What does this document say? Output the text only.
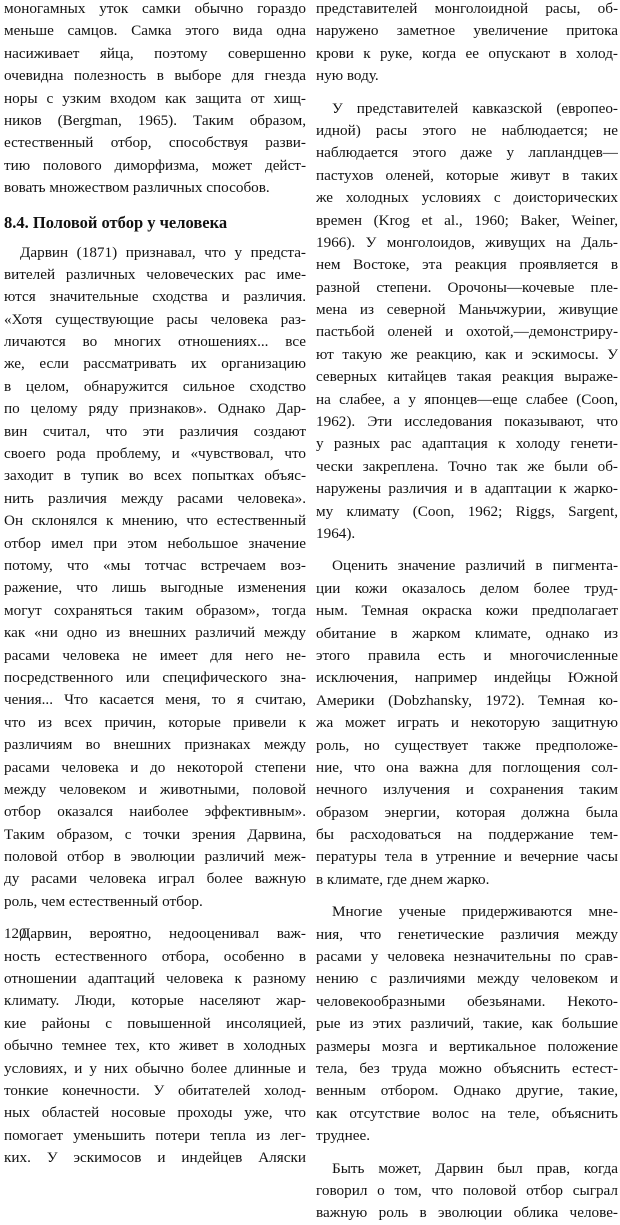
моногамных уток самки обычно гораздо
меньше самцов. Самка этого вида одна
насиживает яйца, поэтому совершенно
очевидна полезность в выборе для гнезда
норы с узким входом как защита от хищ-
ников (Bergman, 1965). Таким образом,
естественный отбор, способствуя разви-
тию полового диморфизма, может дейст-
вовать множеством различных способов.
8.4. Половой отбор у человека
Дарвин (1871) признавал, что у предста-
вителей различных человеческих рас име-
ются значительные сходства и различия.
«Хотя существующие расы человека раз-
личаются во многих отношениях... все
же, если рассматривать их организацию
в целом, обнаружится сильное сходство
по целому ряду признаков». Однако Дар-
вин считал, что эти различия создают
своего рода проблему, и «чувствовал, что
заходит в тупик во всех попытках объяс-
нить различия между расами человека».
Он склонялся к мнению, что естественный
отбор имел при этом небольшое значение
потому, что «мы тотчас встречаем воз-
ражение, что лишь выгодные изменения
могут сохраняться таким образом», тогда
как «ни одно из внешних различий между
расами человека не имеет для него не-
посредственного или специфического зна-
чения... Что касается меня, то я считаю,
что из всех причин, которые привели к
различиям во внешних признаках между
расами человека и до некоторой степени
между человеком и животными, половой
отбор оказался наиболее эффективным».
Таким образом, с точки зрения Дарвина,
половой отбор в эволюции различий меж-
ду расами человека играл более важную
роль, чем естественный отбор.
Дарвин, вероятно, недооценивал важ-
ность естественного отбора, особенно в
отношении адаптаций человека к разному
климату. Люди, которые населяют жар-
кие районы с повышенной инсоляцией,
обычно темнее тех, кто живет в холодных
условиях, и у них обычно более длинные и
тонкие конечности. У обитателей холод-
ных областей носовые проходы уже, что
помогает уменьшить потери тепла из лег-
ких. У эскимосов и индейцев Аляски
представителей монголоидной расы, об-
наружено заметное увеличение притока
крови к руке, когда ее опускают в холод-
ную воду.
У представителей кавказской (европео-
идной) расы этого не наблюдается; не
наблюдается этого даже у лапландцев—
пастухов оленей, которые живут в таких
же холодных условиях с доисторических
времен (Krog et al., 1960; Baker, Weiner,
1966). У монголоидов, живущих на Даль-
нем Востоке, эта реакция проявляется в
разной степени. Орочоны—кочевые пле-
мена из северной Маньчжурии, живущие
пастьбой оленей и охотой,—демонстриру-
ют такую же реакцию, как и эскимосы. У
северных китайцев такая реакция выраже-
на слабее, а у японцев—еще слабее (Coon,
1962). Эти исследования показывают, что
у разных рас адаптация к холоду генети-
чески закреплена. Точно так же были об-
наружены различия и в адаптации к жарко-
му климату (Coon, 1962; Riggs, Sargent,
1964).
Оценить значение различий в пигмента-
ции кожи оказалось делом более труд-
ным. Темная окраска кожи предполагает
обитание в жарком климате, однако из
этого правила есть и многочисленные
исключения, например индейцы Южной
Америки (Dobzhansky, 1972). Темная ко-
жа может играть и некоторую защитную
роль, но существует также предположе-
ние, что она важна для поглощения сол-
нечного излучения и сохранения таким
образом энергии, которая должна была
бы расходоваться на поддержание тем-
пературы тела в утренние и вечерние часы
в климате, где днем жарко.
Многие ученые придерживаются мне-
ния, что генетические различия между
расами у человека незначительны по срав-
нению с различиями между человеком и
человекообразными обезьянами. Некото-
рые из этих различий, такие, как большие
размеры мозга и вертикальное положение
тела, без труда можно объяснить естест-
венным отбором. Однако другие, такие,
как отсутствие волос на теле, объяснить
труднее.
Быть может, Дарвин был прав, когда
говорил о том, что половой отбор сыграл
важную роль в эволюции облика челове-
120
